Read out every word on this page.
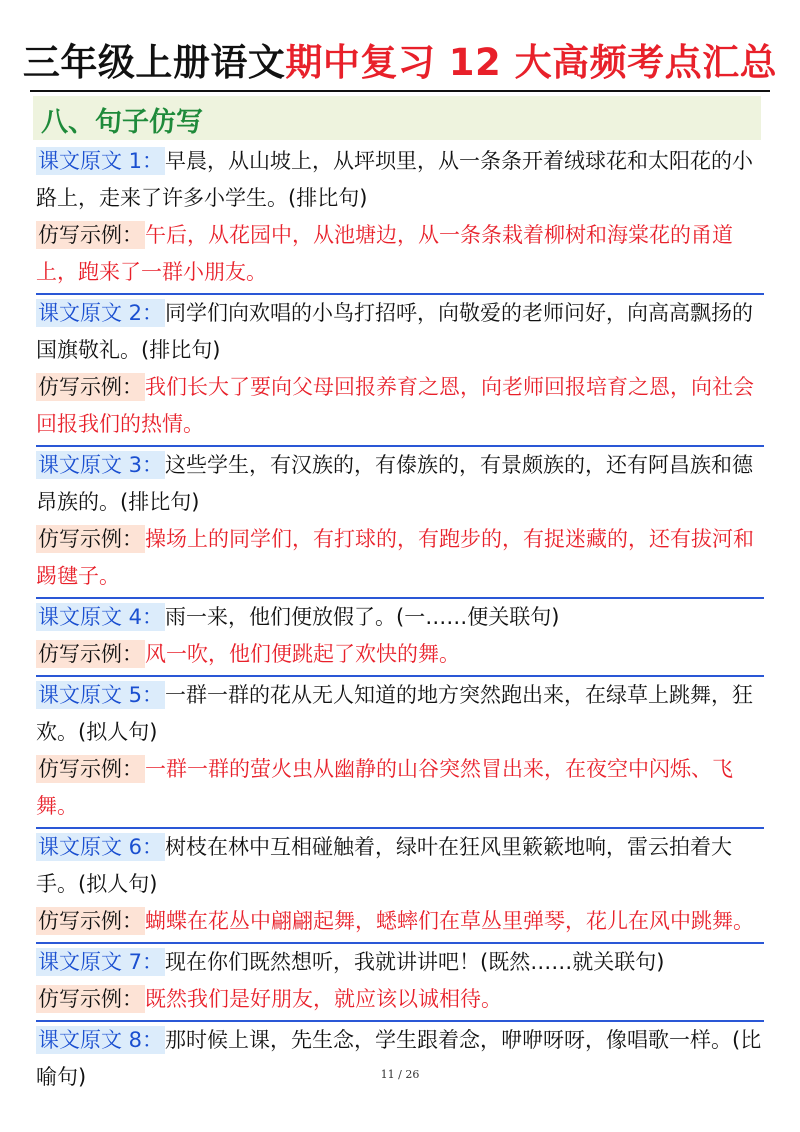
三年级上册语文期中复习 12 大高频考点汇总
八、句子仿写
课文原文 1：早晨，从山坡上，从坪坝里，从一条条开着绒球花和太阳花的小路上，走来了许多小学生。(排比句)
仿写示例：午后，从花园中，从池塘边，从一条条栽着柳树和海棠花的甬道上，跑来了一群小朋友。
课文原文 2：同学们向欢唱的小鸟打招呼，向敬爱的老师问好，向高高飘扬的国旗敬礼。(排比句)
仿写示例：我们长大了要向父母回报养育之恩，向老师回报培育之恩，向社会回报我们的热情。
课文原文 3：这些学生，有汉族的，有傣族的，有景颇族的，还有阿昌族和德昂族的。(排比句)
仿写示例：操场上的同学们，有打球的，有跑步的，有捉迷藏的，还有拔河和踢毽子。
课文原文 4：雨一来，他们便放假了。(一……便关联句)
仿写示例：风一吹，他们便跳起了欢快的舞。
课文原文 5：一群一群的花从无人知道的地方突然跑出来，在绿草上跳舞，狂欢。(拟人句)
仿写示例：一群一群的萤火虫从幽静的山谷突然冒出来，在夜空中闪烁、飞舞。
课文原文 6：树枝在林中互相碰触着，绿叶在狂风里簌簌地响，雷云拍着大手。(拟人句)
仿写示例：蝴蝶在花丛中翩翩起舞，蟋蟀们在草丛里弹琴，花儿在风中跳舞。
课文原文 7：现在你们既然想听，我就讲讲吧！(既然……就关联句)
仿写示例：既然我们是好朋友，就应该以诚相待。
课文原文 8：那时候上课，先生念，学生跟着念，咿咿呀呀，像唱歌一样。(比喻句)	11 / 26
